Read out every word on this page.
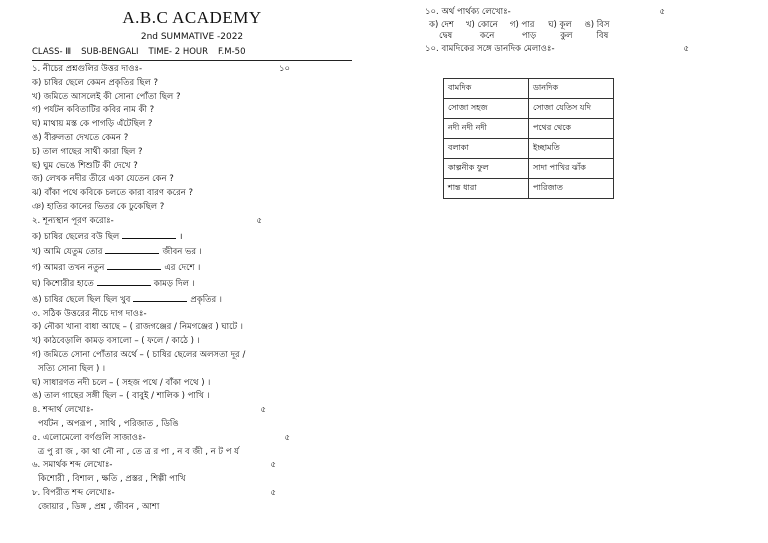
A.B.C ACADEMY
2nd SUMMATIVE -2022
CLASS- Ⅲ SUB-BENGALI TIME- 2 HOUR F.M-50
১. নীচের প্রশ্নগুলির উত্তর দাওঃ-	১০
ক) চাষির ছেলে কেমন প্রকৃতির ছিল ?
খ) জমিতে আসলেই কী সোনা পোঁতা ছিল ?
গ) পর্যটন কবিতাটির কবির নাম কী ?
ঘ) মাথায় মস্ত কে পাগড়ি এঁটেছিল ?
ঙ) বীরুলতা দেখতে কেমন ?
চ) তাল গাছের সাথী কারা ছিল ?
ছ) ঘুম ভেঙে শিশুটি কী দেখে ?
জ) লেখক নদীর তীরে একা যেতেন কেন ?
ঝ) বাঁকা পথে কবিকে চলতে কারা বারণ করেন ?
ঞ) হাতির কানের ভিতর কে ঢুকেছিল ?
২. শূন্যস্থান পূরণ করোঃ-	৫
ক) চাষির ছেলের বউ ছিল	।
খ) আমি যেতুম তোর	জীবন ভর ।
গ) আমরা তখন নতুন	এর দেশে ।
ঘ) কিশোরীর হাতে	কামড় দিল ।
ঙ) চাষির ছেলে ছিল ছিল খুব	প্রকৃতির ।
৩. সঠিক উত্তরের নীচে দাগ দাওঃ-
ক) নৌকা খানা বাধা আছে – ( রাজগঞ্জের / নিমগঞ্জের ) ঘাটে ।
খ) কাঠবেড়ালি কামড় বসালো – ( ফলে / কাঠে ) ।
গ) জমিতে সোনা পোঁতার অর্থে – ( চাষির ছেলের অলসতা দূর /
সত্যি সোনা ছিল ) ।
ঘ) সাধারণত নদী চলে – ( সহজ পথে / বাঁকা পথে ) ।
ঙ) তাল গাছের সঙ্গী ছিল – ( বাবুই / শালিক ) পাখি ।
৪. শব্দার্থ লেখোঃ-	৫
পর্যটন , অপরূপ , সাথি , পরিজাত , ডিঙি
৫. এলোমেলো বর্ণগুলি সাজাওঃ-	৫
ত্র পু রা জ , কা থা নৌ না , তে ত্র র পা , ন ব জী , ন ট প র্য
৬. সমার্থক শব্দ লেখোঃ-	৫
কিশোরী , বিশাল , ক্ষতি , প্রস্তর , শিল্পী পাখি
৮. বিপরীত শব্দ লেখোঃ-	৫
জোয়ার , ডিঙ্গ , প্রশ্ন , জীবন , আশা
১০. অর্থ পার্থক্য লেখোঃ-	৫
ক) দেশ
দ্বেষ
খ) কোনে
কনে
গ) পার
পাড়
ঘ) কূল
কুল
ঙ) বিস
বিষ
১০. বামদিকের সঙ্গে ডানদিক মেলাওঃ-	৫
বামদিক	ডানদিক
সোজা সহজ	সোজা যেতিস যদি
নদী নদী নদী	পথের থেকে
বলাকা	ইচ্ছামতি
কাল্পনীক ফুল	সাদা পাখির ঝাঁক
শান্ত ধারা	পারিজাত
